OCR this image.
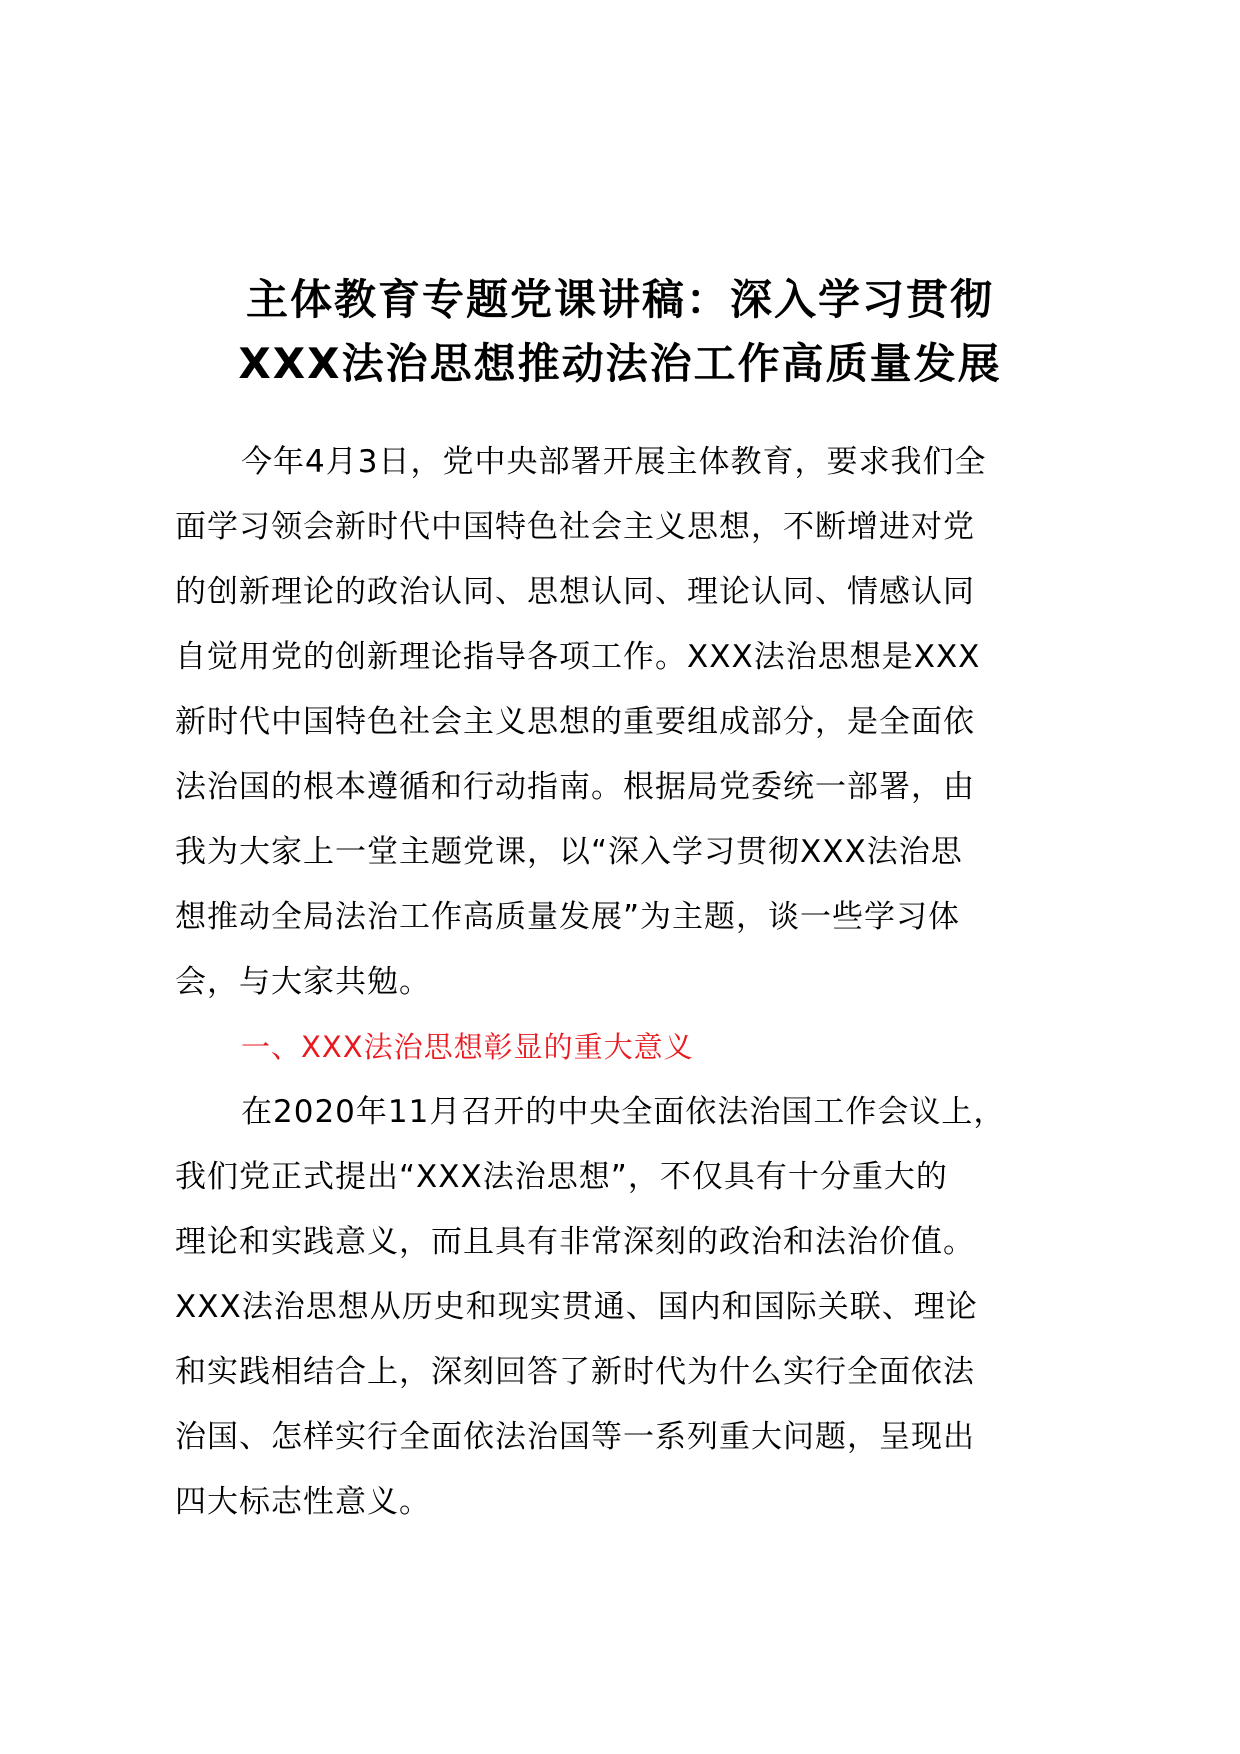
主体教育专题党课讲稿：深入学习贯彻
XXX法治思想推动法治工作高质量发展
今年4月3日，党中央部署开展主体教育，要求我们全
面学习领会新时代中国特色社会主义思想，不断增进对党
的创新理论的政治认同、思想认同、理论认同、情感认同
自觉用党的创新理论指导各项工作。XXX法治思想是XXX
新时代中国特色社会主义思想的重要组成部分，是全面依
法治国的根本遵循和行动指南。根据局党委统一部署，由
我为大家上一堂主题党课，以“深入学习贯彻XXX法治思
想推动全局法治工作高质量发展”为主题，谈一些学习体
会，与大家共勉。
一、XXX法治思想彰显的重大意义
在2020年11月召开的中央全面依法治国工作会议上，
我们党正式提出“XXX法治思想”，不仅具有十分重大的
理论和实践意义，而且具有非常深刻的政治和法治价值。
XXX法治思想从历史和现实贯通、国内和国际关联、理论
和实践相结合上，深刻回答了新时代为什么实行全面依法
治国、怎样实行全面依法治国等一系列重大问题，呈现出
四大标志性意义。
